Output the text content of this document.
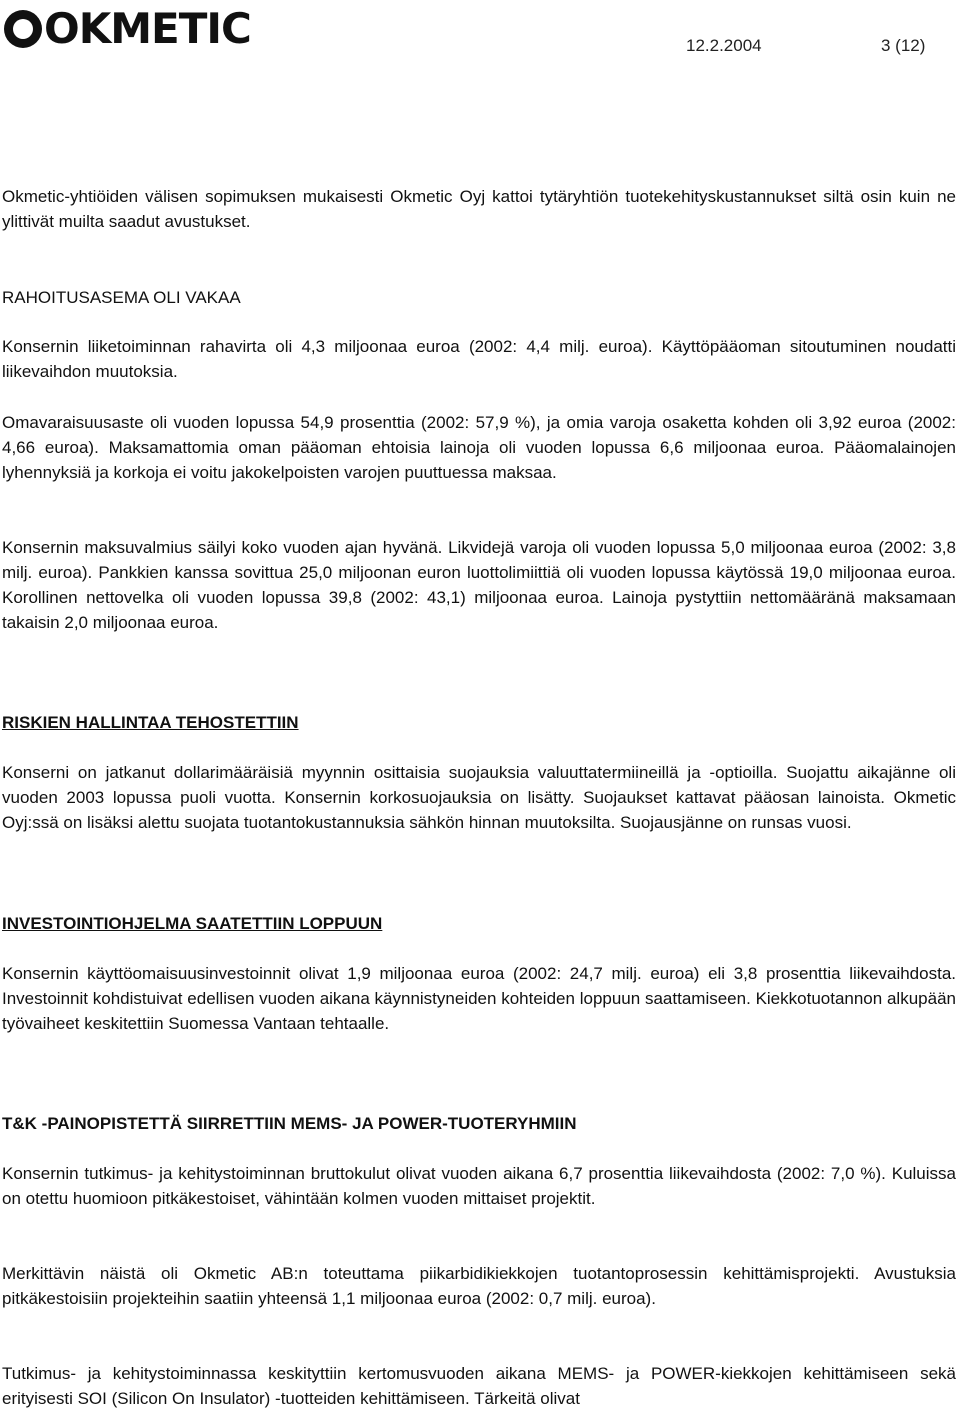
OKMETIC	12.2.2004	3 (12)

Okmetic-yhtiöiden välisen sopimuksen mukaisesti Okmetic Oyj kattoi tytäryhtiön tuotekehityskustannukset siltä osin kuin ne ylittivät muilta saadut avustukset.

RAHOITUSASEMA OLI VAKAA

Konsernin liiketoiminnan rahavirta oli 4,3 miljoonaa euroa (2002: 4,4 milj. euroa). Käyttöpääoman sitoutuminen noudatti liikevaihdon muutoksia.

Omavaraisuusaste oli vuoden lopussa 54,9 prosenttia (2002: 57,9 %), ja omia varoja osaketta kohden oli 3,92 euroa (2002: 4,66 euroa). Maksamattomia oman pääoman ehtoisia lainoja oli vuoden lopussa 6,6 miljoonaa euroa. Pääomalainojen lyhennyksiä ja korkoja ei voitu jakokelpoisten varojen puuttuessa maksaa.

Konsernin maksuvalmius säilyi koko vuoden ajan hyvänä. Likvidejä varoja oli vuoden lopussa 5,0 miljoonaa euroa (2002: 3,8 milj. euroa). Pankkien kanssa sovittua 25,0 miljoonan euron luottolimiittiä oli vuoden lopussa käytössä 19,0 miljoonaa euroa. Korollinen nettovelka oli vuoden lopussa 39,8 (2002: 43,1) miljoonaa euroa. Lainoja pystyttiin nettomääränä maksamaan takaisin 2,0 miljoonaa euroa.

RISKIEN HALLINTAA TEHOSTETTIIN

Konserni on jatkanut dollarimääräisiä myynnin osittaisia suojauksia valuuttatermiineillä ja -optioilla. Suojattu aikajänne oli vuoden 2003 lopussa puoli vuotta. Konsernin korkosuojauksia on lisätty. Suojaukset kattavat pääosan lainoista. Okmetic Oyj:ssä on lisäksi alettu suojata tuotantokustannuksia sähkön hinnan muutoksilta. Suojausjänne on runsas vuosi.

INVESTOINTIOHJELMA SAATETTIIN LOPPUUN

Konsernin käyttöomaisuusinvestoinnit olivat 1,9 miljoonaa euroa (2002: 24,7 milj. euroa) eli 3,8 prosenttia liikevaihdosta. Investoinnit kohdistuivat edellisen vuoden aikana käynnistyneiden kohteiden loppuun saattamiseen. Kiekkotuotannon alkupään työvaiheet keskitettiin Suomessa Vantaan tehtaalle.

T&K -PAINOPISTETTÄ SIIRRETTIIN MEMS- JA POWER-TUOTERYHMIIN

Konsernin tutkimus- ja kehitystoiminnan bruttokulut olivat vuoden aikana 6,7 prosenttia liikevaihdosta (2002: 7,0 %). Kuluissa on otettu huomioon pitkäkestoiset, vähintään kolmen vuoden mittaiset projektit.

Merkittävin näistä oli Okmetic AB:n toteuttama piikarbidikiekkojen tuotantoprosessin kehittämisprojekti. Avustuksia pitkäkestoisiin projekteihin saatiin yhteensä 1,1 miljoonaa euroa (2002: 0,7 milj. euroa).

Tutkimus- ja kehitystoiminnassa keskityttiin kertomusvuoden aikana MEMS- ja POWER-kiekkojen kehittämiseen sekä erityisesti SOI (Silicon On Insulator) -tuotteiden kehittämiseen. Tärkeitä olivat
